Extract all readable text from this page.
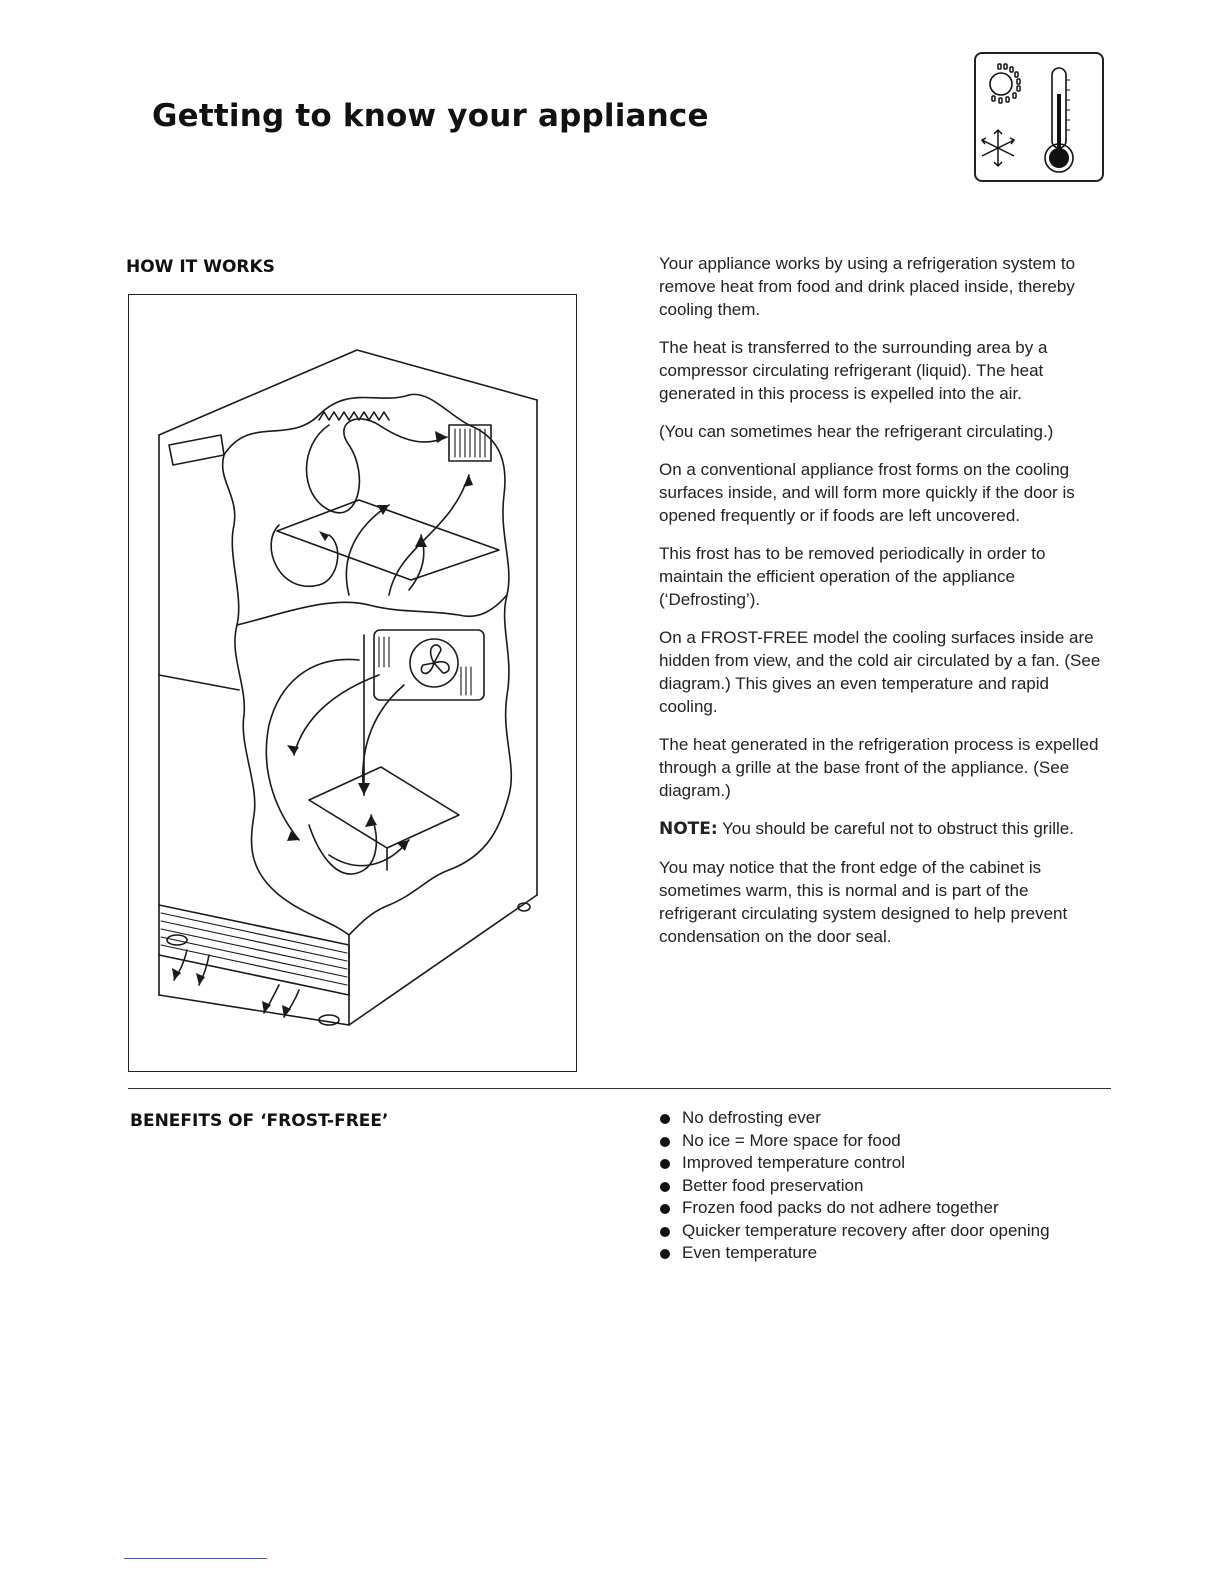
Getting to know your appliance
HOW IT WORKS	Your appliance works by using a refrigeration system to remove heat from food and drink placed inside, thereby cooling them.

The heat is transferred to the surrounding area by a compressor circulating refrigerant (liquid). The heat generated in this process is expelled into the air.

(You can sometimes hear the refrigerant circulating.)

On a conventional appliance frost forms on the cooling surfaces inside, and will form more quickly if the door is opened frequently or if foods are left uncovered.

This frost has to be removed periodically in order to maintain the efficient operation of the appliance (‘Defrosting’).

On a FROST-FREE model the cooling surfaces inside are hidden from view, and the cold air circulated by a fan. (See diagram.) This gives an even temperature and rapid cooling.

The heat generated in the refrigeration process is expelled through a grille at the base front of the appliance. (See diagram.)

NOTE: You should be careful not to obstruct this grille.

You may notice that the front edge of the cabinet is sometimes warm, this is normal and is part of the refrigerant circulating system designed to help prevent condensation on the door seal.

BENEFITS OF ‘FROST-FREE’	No defrosting ever
No ice = More space for food
Improved temperature control
Better food preservation
Frozen food packs do not adhere together
Quicker temperature recovery after door opening
Even temperature
